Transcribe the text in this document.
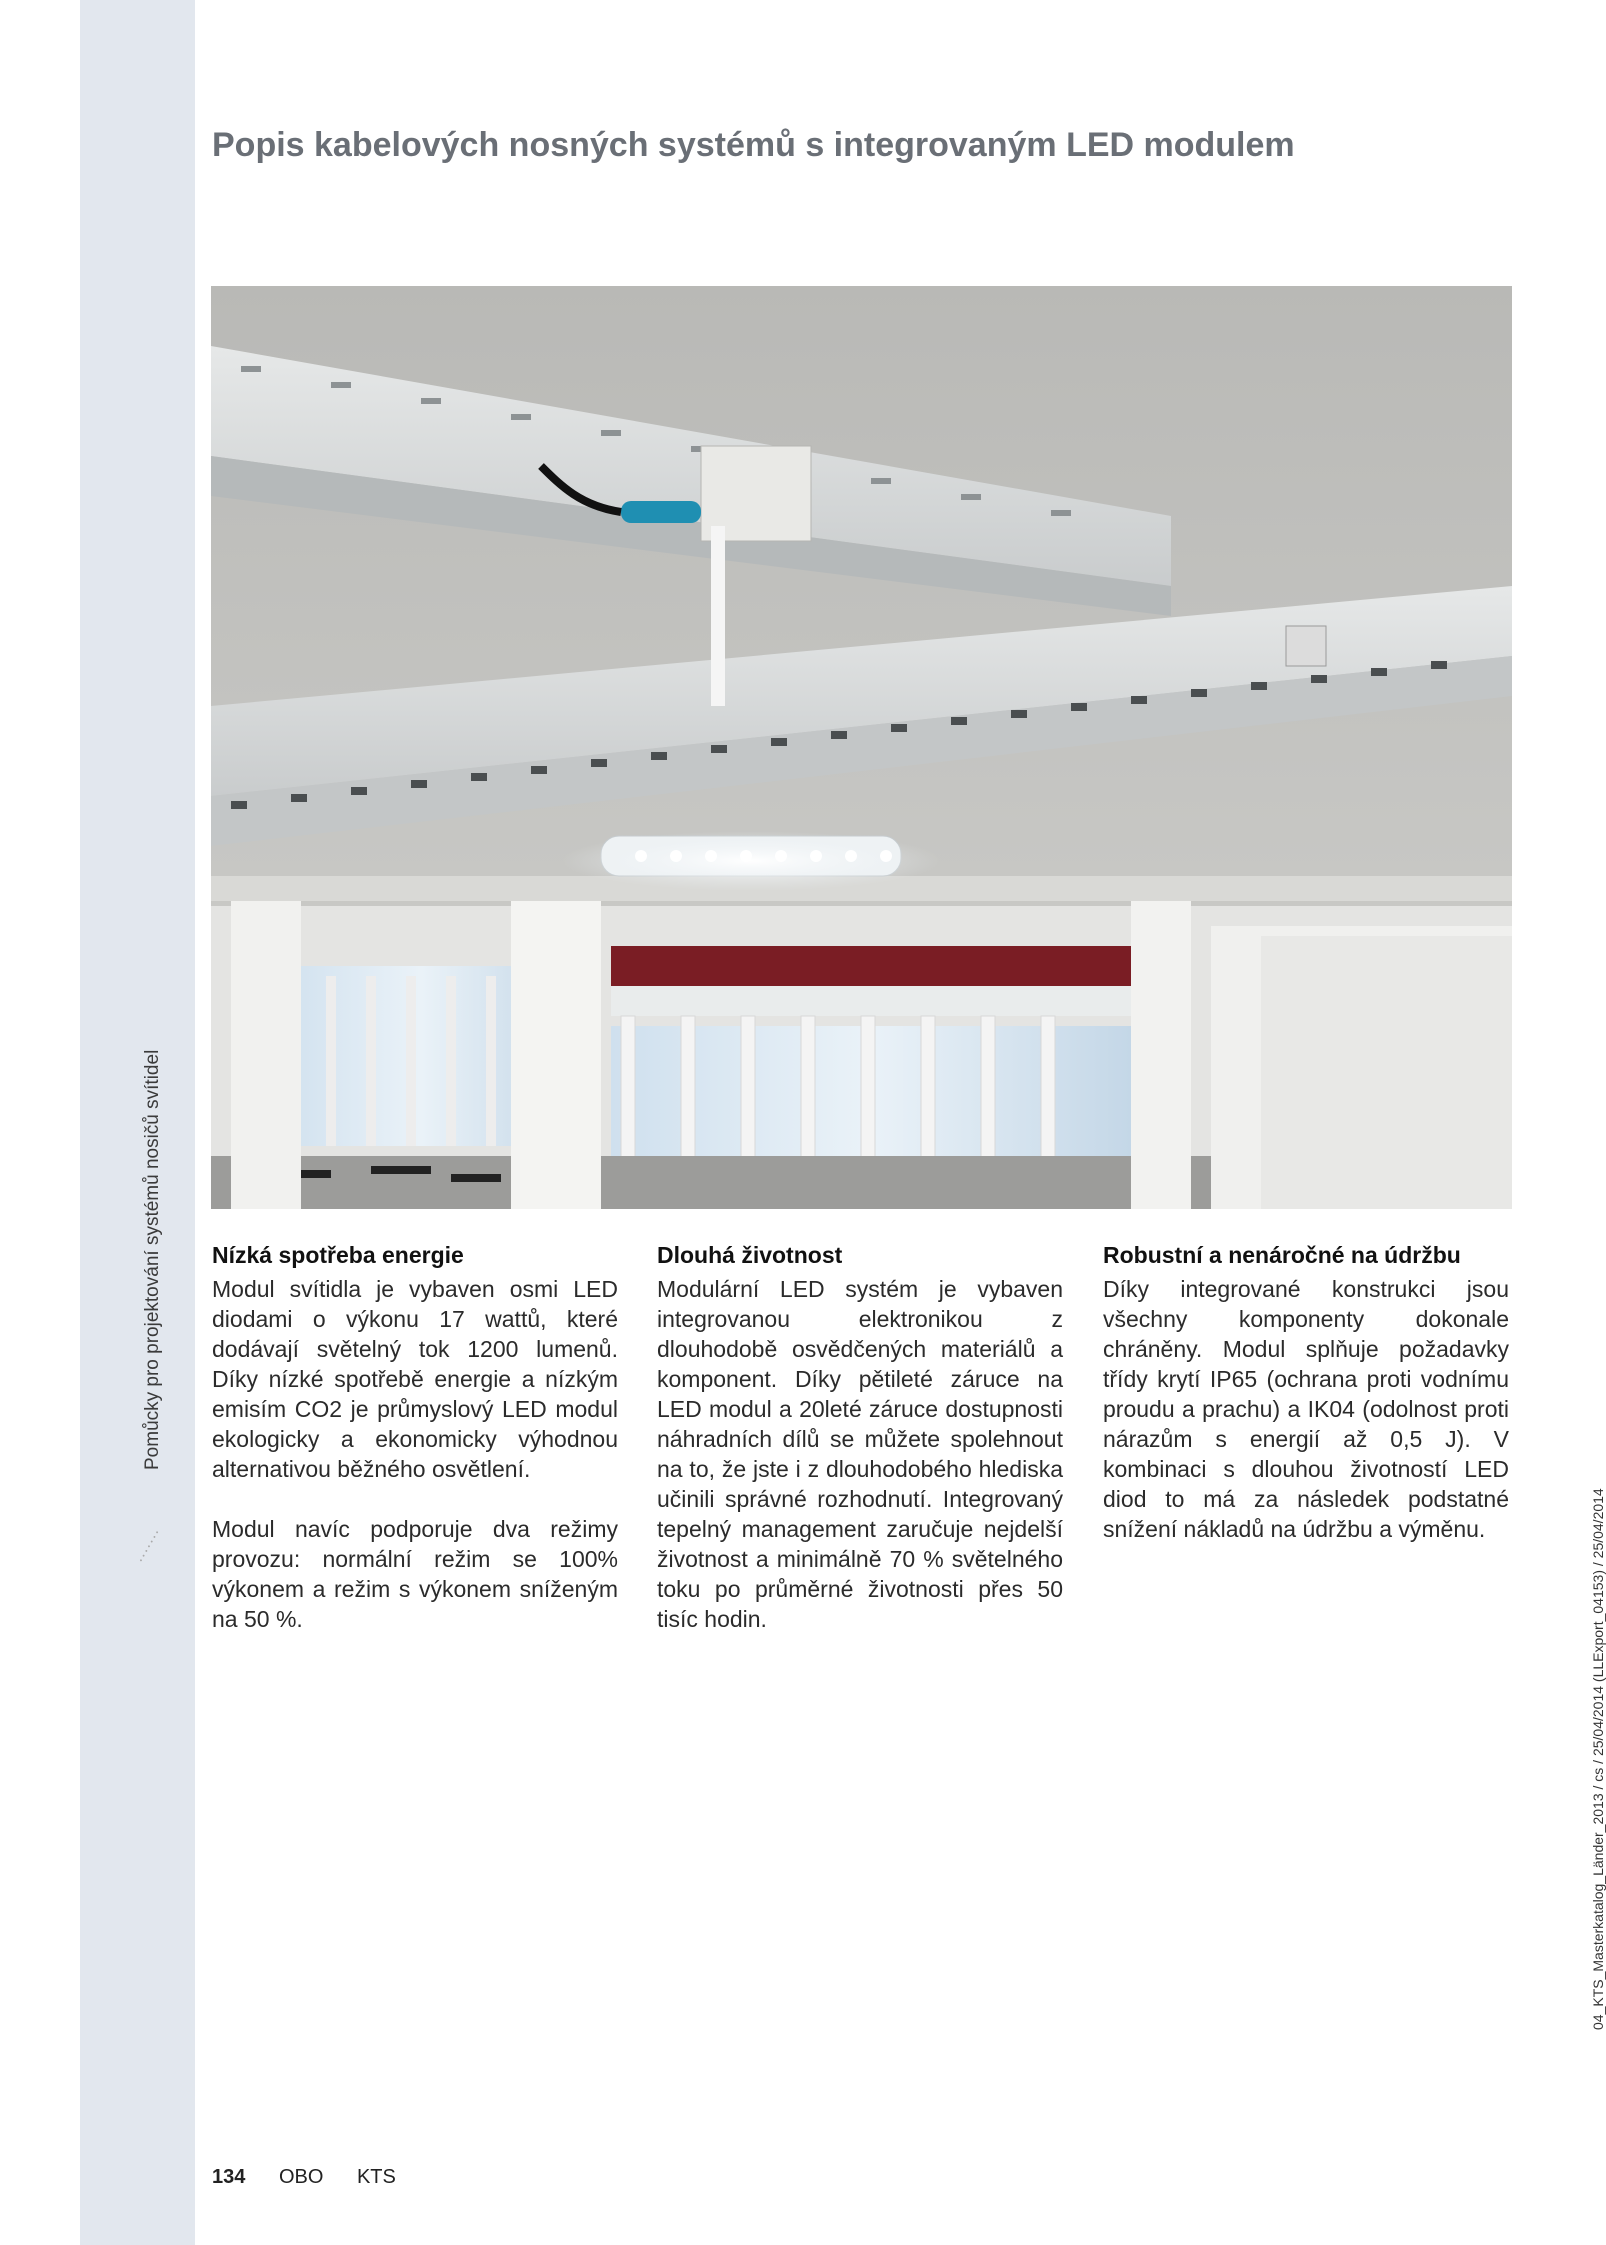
Pomůcky pro projektování systémů nosičů svítidel
• • • • • • •	04_KTS_Masterkatalog_Länder_2013 / cs / 25/04/2014 (LLExport_04153) / 25/04/2014
Popis kabelových nosných systémů s integrovaným LED modulem
Nízká spotřeba energie

Modul svítidla je vybaven osmi LED diodami o výkonu 17 wattů, které dodávají světelný tok 1200 lumenů. Díky nízké spotřebě energie a nízkým emisím CO2 je průmyslový LED modul ekologicky a ekonomicky výhodnou alternativou běžného osvětlení.

Modul navíc podporuje dva režimy provozu: normální režim se 100% výkonem a režim s výkonem sníženým na 50 %.

Dlouhá životnost

Modulární LED systém je vybaven integrovanou elektronikou z dlouhodobě osvědčených materiálů a komponent. Díky pětileté záruce na LED modul a 20leté záruce dostupnosti náhradních dílů se můžete spolehnout na to, že jste i z dlouhodobého hlediska učinili správné rozhodnutí. Integrovaný tepelný management zaručuje nejdelší životnost a minimálně 70 % světelného toku po průměrné životnosti přes 50 tisíc hodin.

Robustní a nenáročné na údržbu

Díky integrované konstrukci jsou všechny komponenty dokonale chráněny. Modul splňuje požadavky třídy krytí IP65 (ochrana proti vodnímu proudu a prachu) a IK04 (odolnost proti nárazům s energií až 0,5 J). V kombinaci s dlouhou životností LED diod to má za následek podstatné snížení nákladů na údržbu a výměnu.

134 OBO KTS
